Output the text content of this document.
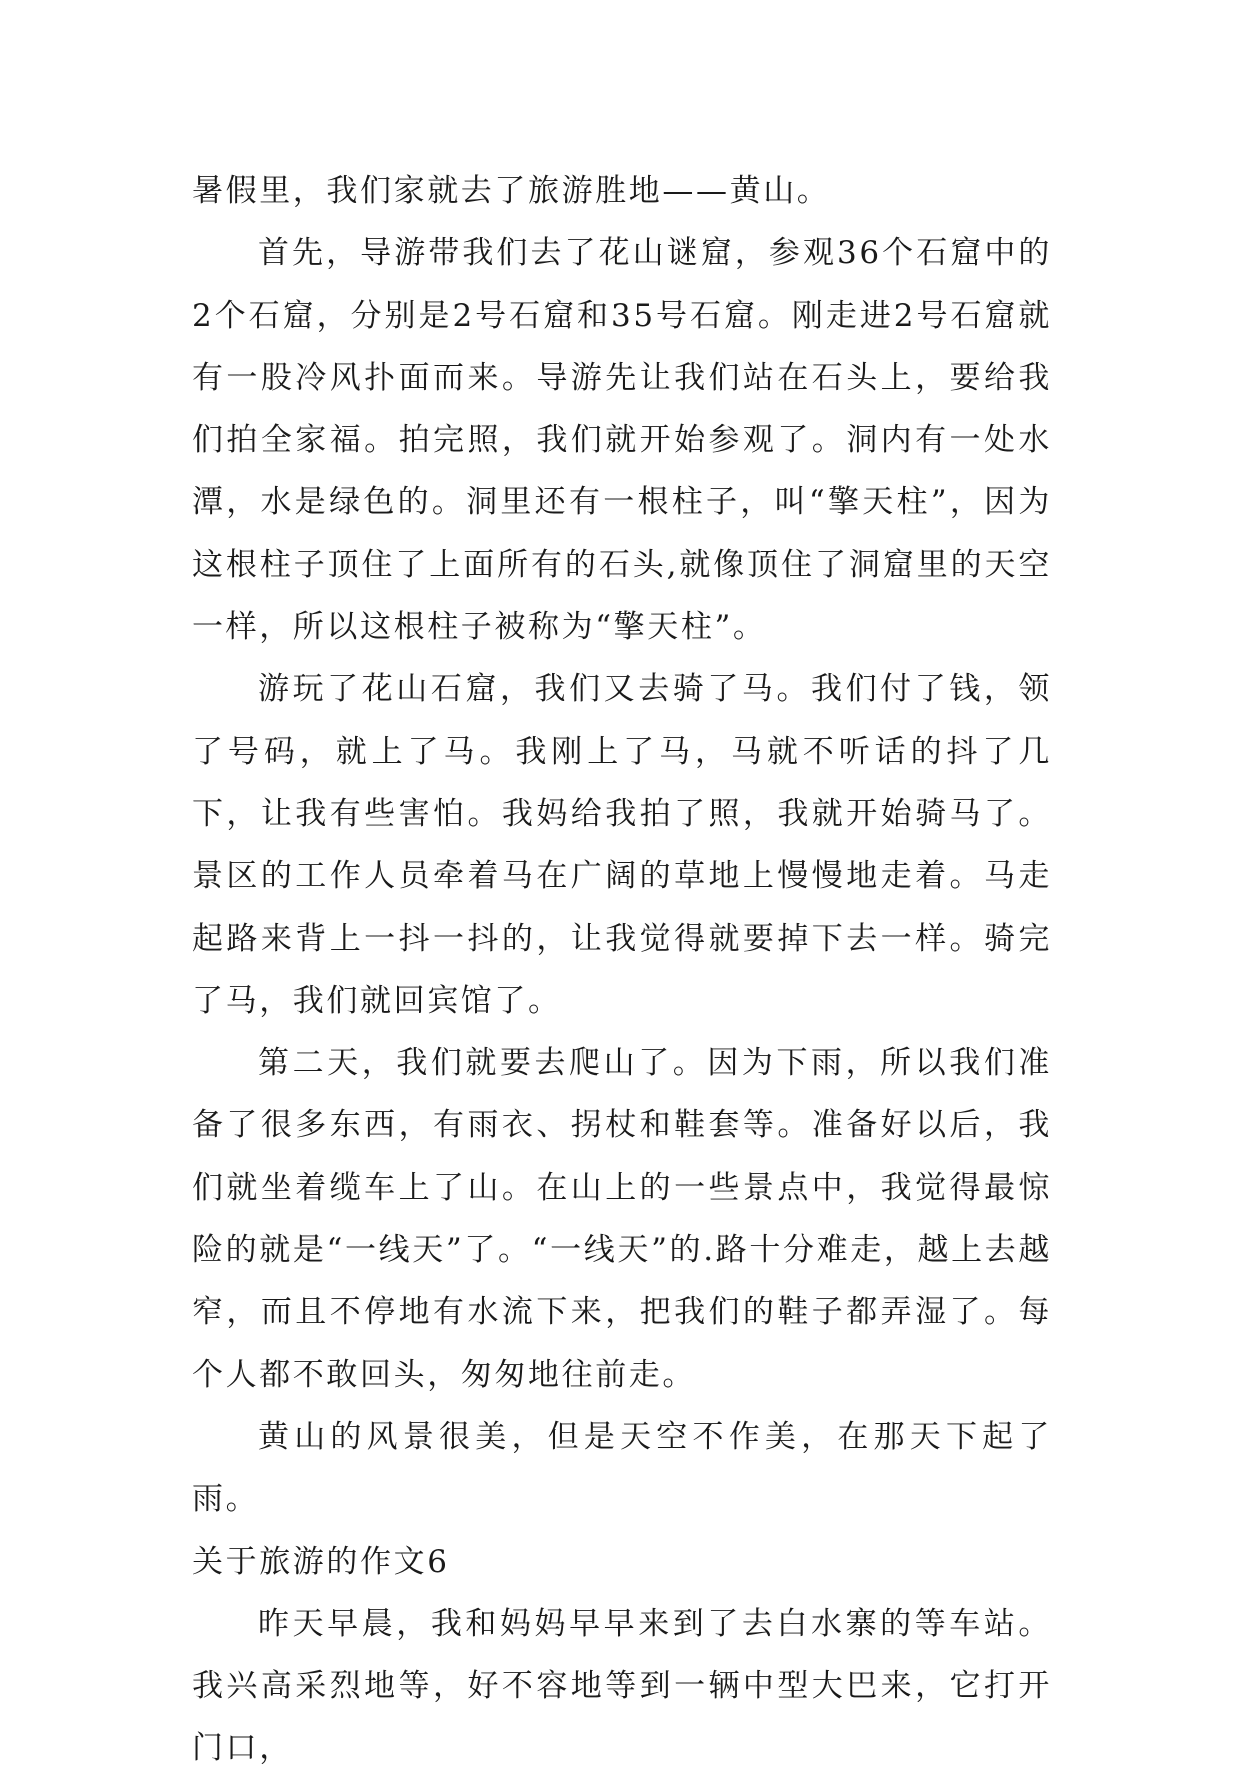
暑假里，我们家就去了旅游胜地——黄山。

首先，导游带我们去了花山谜窟，参观36个石窟中的2个石窟，分别是2号石窟和35号石窟。刚走进2号石窟就有一股冷风扑面而来。导游先让我们站在石头上，要给我们拍全家福。拍完照，我们就开始参观了。洞内有一处水潭，水是绿色的。洞里还有一根柱子，叫“擎天柱”，因为这根柱子顶住了上面所有的石头,就像顶住了洞窟里的天空一样，所以这根柱子被称为“擎天柱”。

游玩了花山石窟，我们又去骑了马。我们付了钱，领了号码，就上了马。我刚上了马，马就不听话的抖了几下，让我有些害怕。我妈给我拍了照，我就开始骑马了。景区的工作人员牵着马在广阔的草地上慢慢地走着。马走起路来背上一抖一抖的，让我觉得就要掉下去一样。骑完了马，我们就回宾馆了。

第二天，我们就要去爬山了。因为下雨，所以我们准备了很多东西，有雨衣、拐杖和鞋套等。准备好以后，我们就坐着缆车上了山。在山上的一些景点中，我觉得最惊险的就是“一线天”了。“一线天”的.路十分难走，越上去越窄，而且不停地有水流下来，把我们的鞋子都弄湿了。每个人都不敢回头，匆匆地往前走。

黄山的风景很美，但是天空不作美，在那天下起了雨。

关于旅游的作文6

昨天早晨，我和妈妈早早来到了去白水寨的等车站。我兴高采烈地等，好不容地等到一辆中型大巴来，它打开门口，
